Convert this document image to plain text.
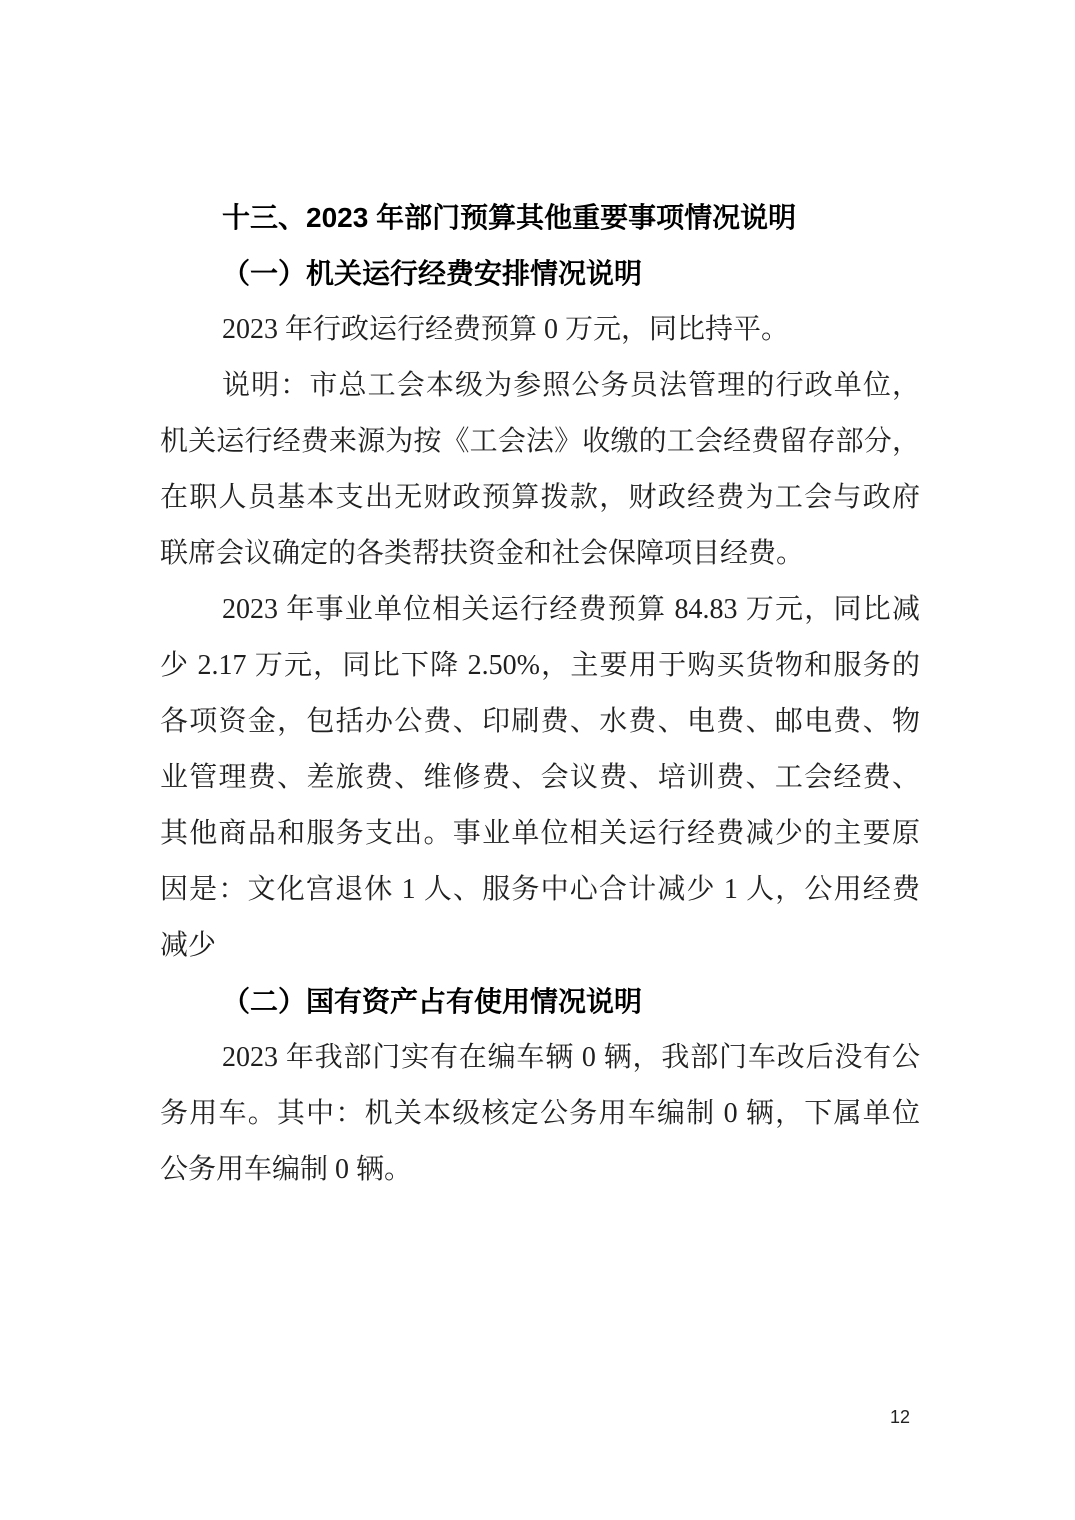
十三、2023 年部门预算其他重要事项情况说明
（一）机关运行经费安排情况说明
2023 年行政运行经费预算 0 万元，同比持平。
说明：市总工会本级为参照公务员法管理的行政单位，
机关运行经费来源为按《工会法》收缴的工会经费留存部分，
在职人员基本支出无财政预算拨款，财政经费为工会与政府
联席会议确定的各类帮扶资金和社会保障项目经费。
2023 年事业单位相关运行经费预算 84.83 万元，同比减
少 2.17 万元，同比下降 2.50%，主要用于购买货物和服务的
各项资金，包括办公费、印刷费、水费、电费、邮电费、物
业管理费、差旅费、维修费、会议费、培训费、工会经费、
其他商品和服务支出。事业单位相关运行经费减少的主要原
因是：文化宫退休 1 人、服务中心合计减少 1 人，公用经费
减少
（二）国有资产占有使用情况说明
2023 年我部门实有在编车辆 0 辆，我部门车改后没有公
务用车。其中：机关本级核定公务用车编制 0 辆，下属单位
公务用车编制 0 辆。
12
